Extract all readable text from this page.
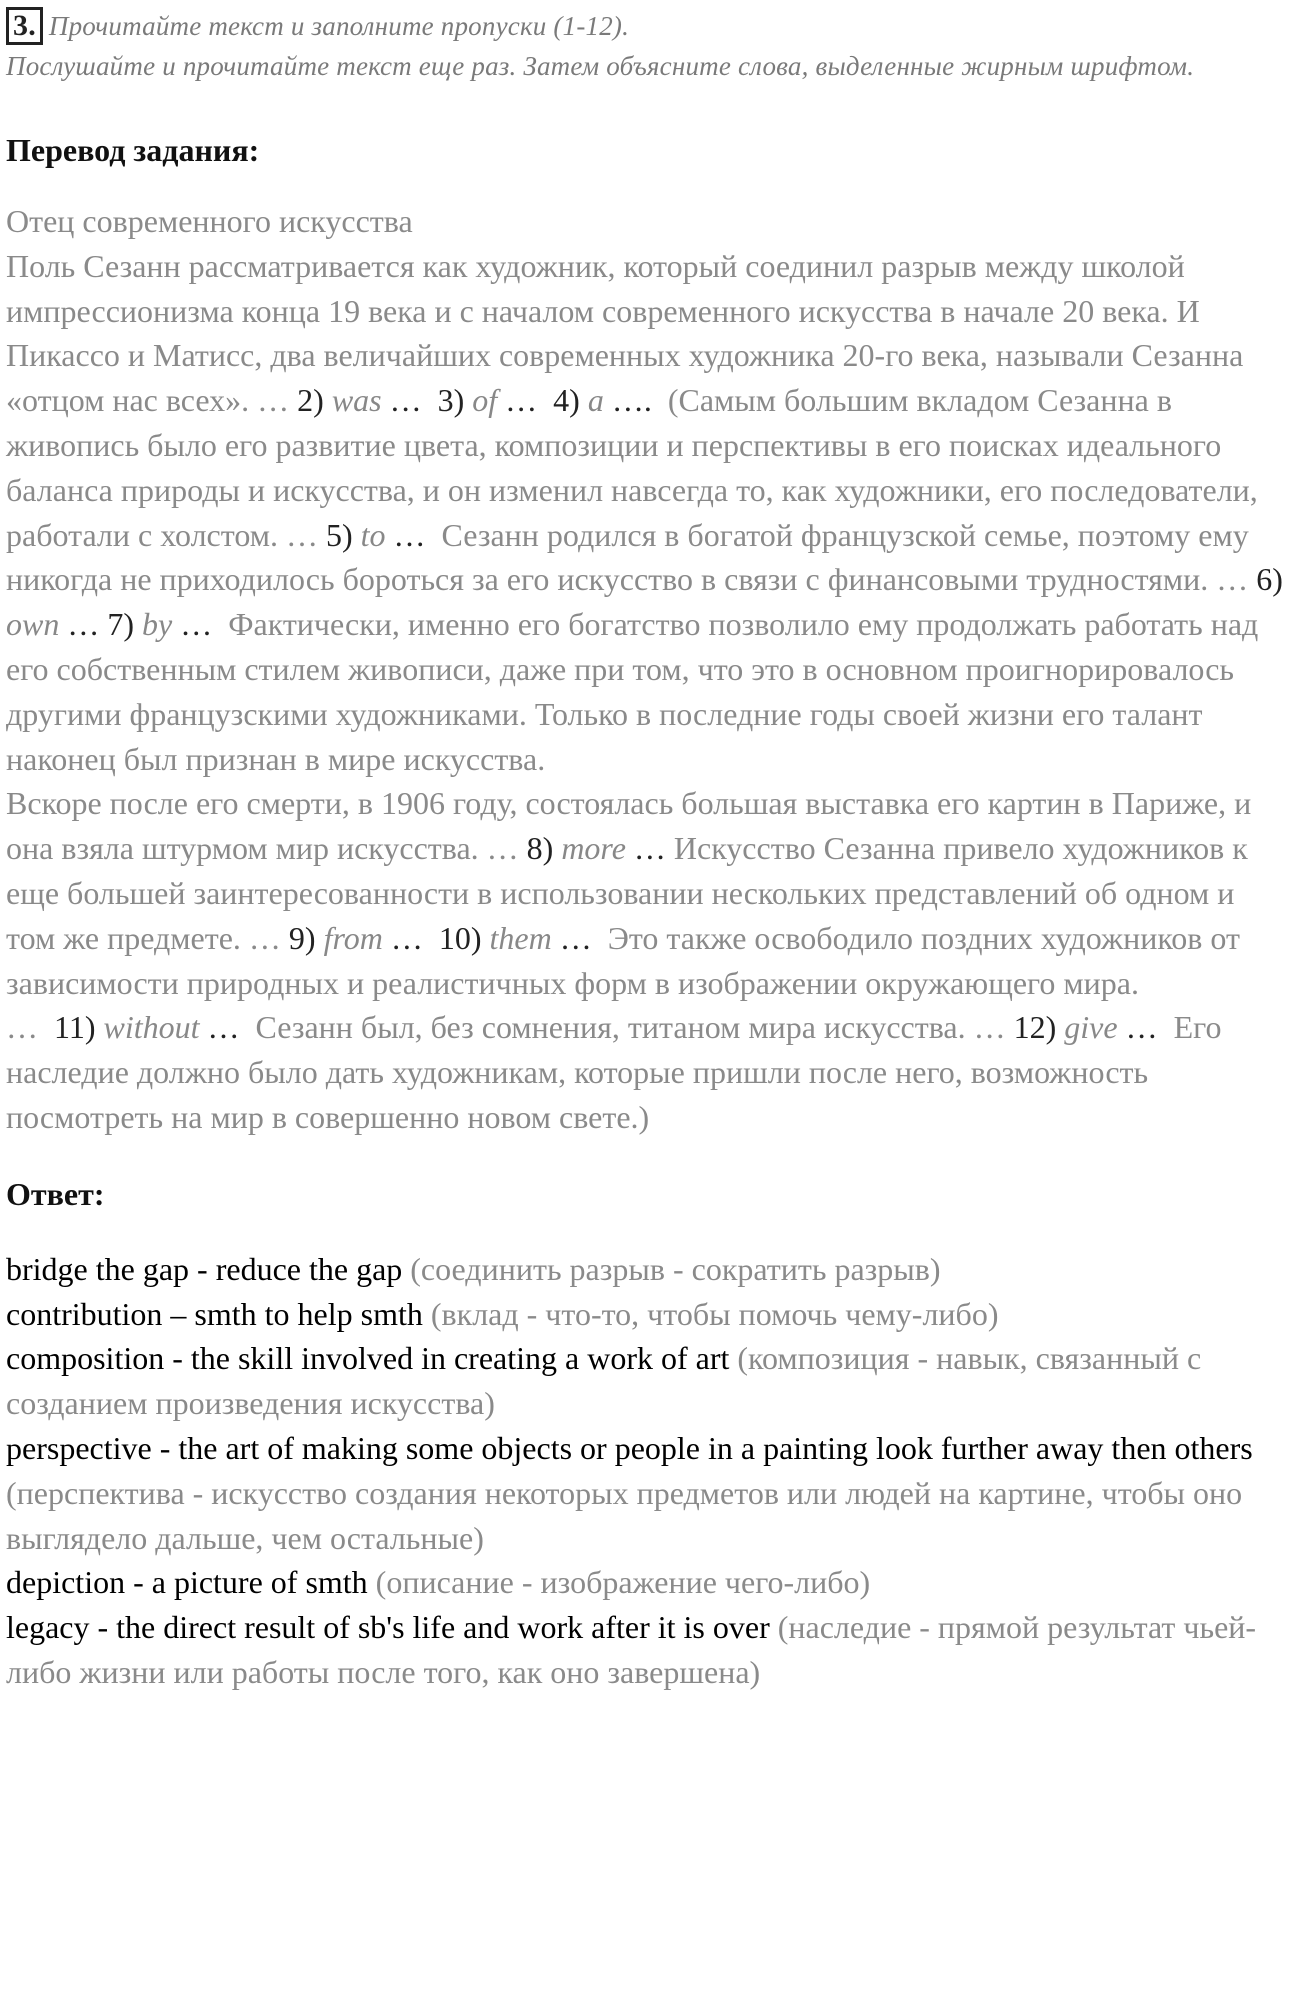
3. Прочитайте текст и заполните пропуски (1-12).
Послушайте и прочитайте текст еще раз. Затем объясните слова, выделенные жирным шрифтом.
Перевод задания:

Отец современного искусства

Поль Сезанн рассматривается как художник, который соединил разрыв между школой импрессионизма конца 19 века и с началом современного искусства в начале 20 века. И Пикассо и Матисс, два величайших современных художника 20-го века, называли Сезанна «отцом нас всех». … 2) was … 3) of … 4) a …. (Самым большим вкладом Сезанна в живопись было его развитие цвета, композиции и перспективы в его поисках идеального баланса природы и искусства, и он изменил навсегда то, как художники, его последователи, работали с холстом. … 5) to … Сезанн родился в богатой французской семье, поэтому ему никогда не приходилось бороться за его искусство в связи с финансовыми трудностями. … 6) own … 7) by … Фактически, именно его богатство позволило ему продолжать работать над его собственным стилем живописи, даже при том, что это в основном проигнорировалось другими французскими художниками. Только в последние годы своей жизни его талант наконец был признан в мире искусства.

Вскоре после его смерти, в 1906 году, состоялась большая выставка его картин в Париже, и она взяла штурмом мир искусства. … 8) more … Искусство Сезанна привело художников к еще большей заинтересованности в использовании нескольких представлений об одном и том же предмете. … 9) from … 10) them … Это также освободило поздних художников от зависимости природных и реалистичных форм в изображении окружающего мира.

… 11) without … Сезанн был, без сомнения, титаном мира искусства. … 12) give … Его наследие должно было дать художникам, которые пришли после него, возможность посмотреть на мир в совершенно новом свете.)

Ответ:

bridge the gap - reduce the gap (соединить разрыв - сократить разрыв)

contribution – smth to help smth (вклад - что-то, чтобы помочь чему-либо)

composition - the skill involved in creating a work of art (композиция - навык, связанный с созданием произведения искусства)

perspective - the art of making some objects or people in a painting look further away then others (перспектива - искусство создания некоторых предметов или людей на картине, чтобы оно выглядело дальше, чем остальные)

depiction - a picture of smth (описание - изображение чего-либо)

legacy - the direct result of sb's life and work after it is over (наследие - прямой результат чьей-либо жизни или работы после того, как оно завершена)
